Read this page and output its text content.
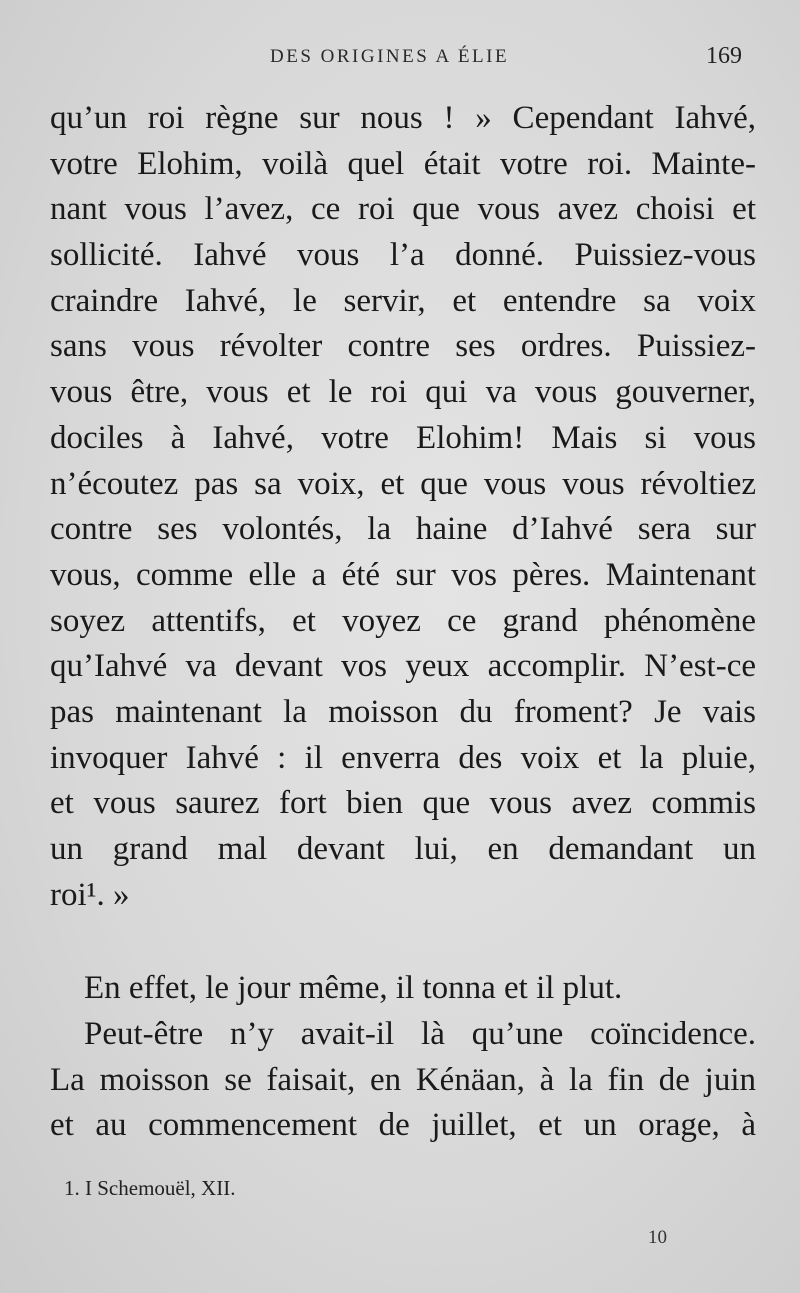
DES ORIGINES A ÉLIE	169
qu’un roi règne sur nous ! » Cependant Iahvé,
votre Elohim, voilà quel était votre roi. Mainte-
nant vous l’avez, ce roi que vous avez choisi et
sollicité. Iahvé vous l’a donné. Puissiez-vous
craindre Iahvé, le servir, et entendre sa voix
sans vous révolter contre ses ordres. Puissiez-
vous être, vous et le roi qui va vous gouverner,
dociles à Iahvé, votre Elohim! Mais si vous
n’écoutez pas sa voix, et que vous vous révoltiez
contre ses volontés, la haine d’Iahvé sera sur
vous, comme elle a été sur vos pères. Maintenant
soyez attentifs, et voyez ce grand phénomène
qu’Iahvé va devant vos yeux accomplir. N’est-ce
pas maintenant la moisson du froment? Je vais
invoquer Iahvé : il enverra des voix et la pluie,
et vous saurez fort bien que vous avez commis
un grand mal devant lui, en demandant un
roi¹. »
En effet, le jour même, il tonna et il plut.
Peut-être n’y avait-il là qu’une coïncidence.
La moisson se faisait, en Kénäan, à la fin de juin
et au commencement de juillet, et un orage, à
1. I Schemouël, XII.
10
